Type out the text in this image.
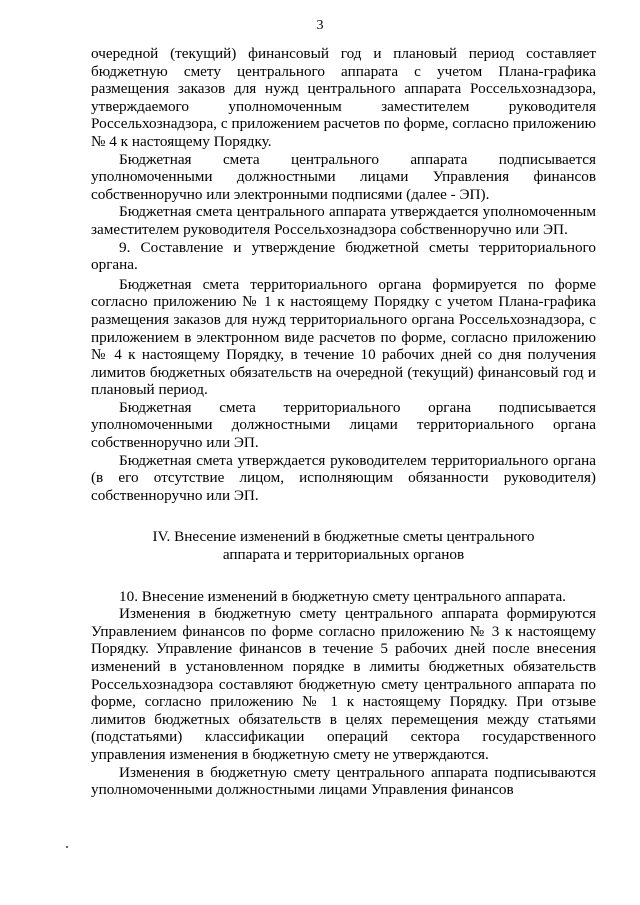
3

очередной (текущий) финансовый год и плановый период составляет бюджетную смету центрального аппарата с учетом Плана-графика размещения заказов для нужд центрального аппарата Россельхознадзора, утверждаемого уполномоченным заместителем руководителя Россельхознадзора, с приложением расчетов по форме, согласно приложению № 4 к настоящему Порядку.

Бюджетная смета центрального аппарата подписывается уполномоченными должностными лицами Управления финансов собственноручно или электронными подписями (далее - ЭП).

Бюджетная смета центрального аппарата утверждается уполномоченным заместителем руководителя Россельхознадзора собственноручно или ЭП.

9. Составление и утверждение бюджетной сметы территориального органа.

Бюджетная смета территориального органа формируется по форме согласно приложению № 1 к настоящему Порядку с учетом Плана-графика размещения заказов для нужд территориального органа Россельхознадзора, с приложением в электронном виде расчетов по форме, согласно приложению № 4 к настоящему Порядку, в течение 10 рабочих дней со дня получения лимитов бюджетных обязательств на очередной (текущий) финансовый год и плановый период.

Бюджетная смета территориального органа подписывается уполномоченными должностными лицами территориального органа собственноручно или ЭП.

Бюджетная смета утверждается руководителем территориального органа (в его отсутствие лицом, исполняющим обязанности руководителя) собственноручно или ЭП.

IV. Внесение изменений в бюджетные сметы центрального
аппарата и территориальных органов

10. Внесение изменений в бюджетную смету центрального аппарата.

Изменения в бюджетную смету центрального аппарата формируются Управлением финансов по форме согласно приложению № 3 к настоящему Порядку. Управление финансов в течение 5 рабочих дней после внесения изменений в установленном порядке в лимиты бюджетных обязательств Россельхознадзора составляют бюджетную смету центрального аппарата по форме, согласно приложению № 1 к настоящему Порядку. При отзыве лимитов бюджетных обязательств в целях перемещения между статьями (подстатьями) классификации операций сектора государственного управления изменения в бюджетную смету не утверждаются.

Изменения в бюджетную смету центрального аппарата подписываются уполномоченными должностными лицами Управления финансов
